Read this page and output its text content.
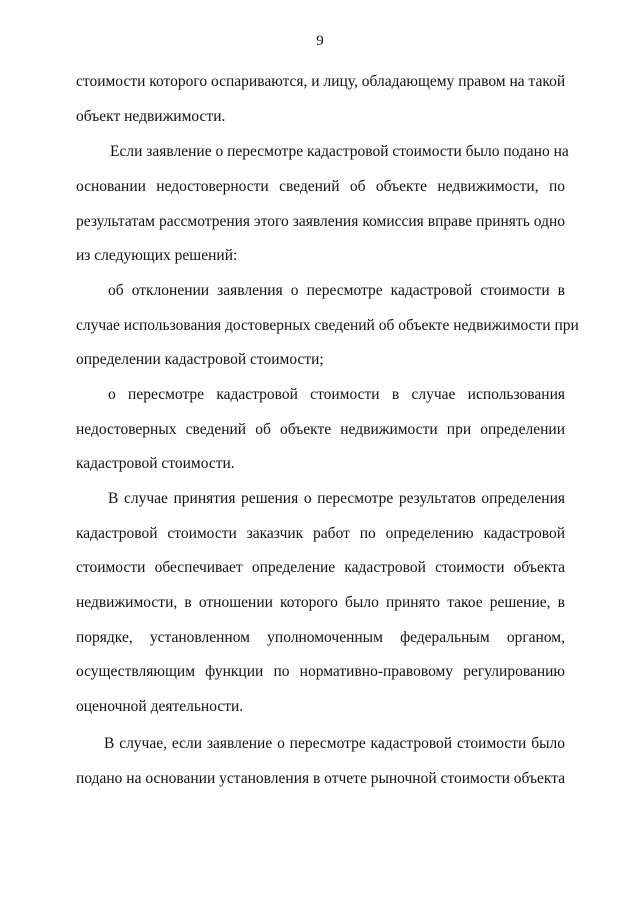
9
стоимости которого оспариваются, и лицу, обладающему правом на такой
объект недвижимости.
Если заявление о пересмотре кадастровой стоимости было подано на
основании недостоверности сведений об объекте недвижимости, по
результатам рассмотрения этого заявления комиссия вправе принять одно
из следующих решений:
об отклонении заявления о пересмотре кадастровой стоимости в
случае использования достоверных сведений об объекте недвижимости при
определении кадастровой стоимости;
о пересмотре кадастровой стоимости в случае использования
недостоверных сведений об объекте недвижимости при определении
кадастровой стоимости.
В случае принятия решения о пересмотре результатов определения
кадастровой стоимости заказчик работ по определению кадастровой
стоимости обеспечивает определение кадастровой стоимости объекта
недвижимости, в отношении которого было принято такое решение, в
порядке, установленном уполномоченным федеральным органом,
осуществляющим функции по нормативно-правовому регулированию
оценочной деятельности.
В случае, если заявление о пересмотре кадастровой стоимости было
подано на основании установления в отчете рыночной стоимости объекта
